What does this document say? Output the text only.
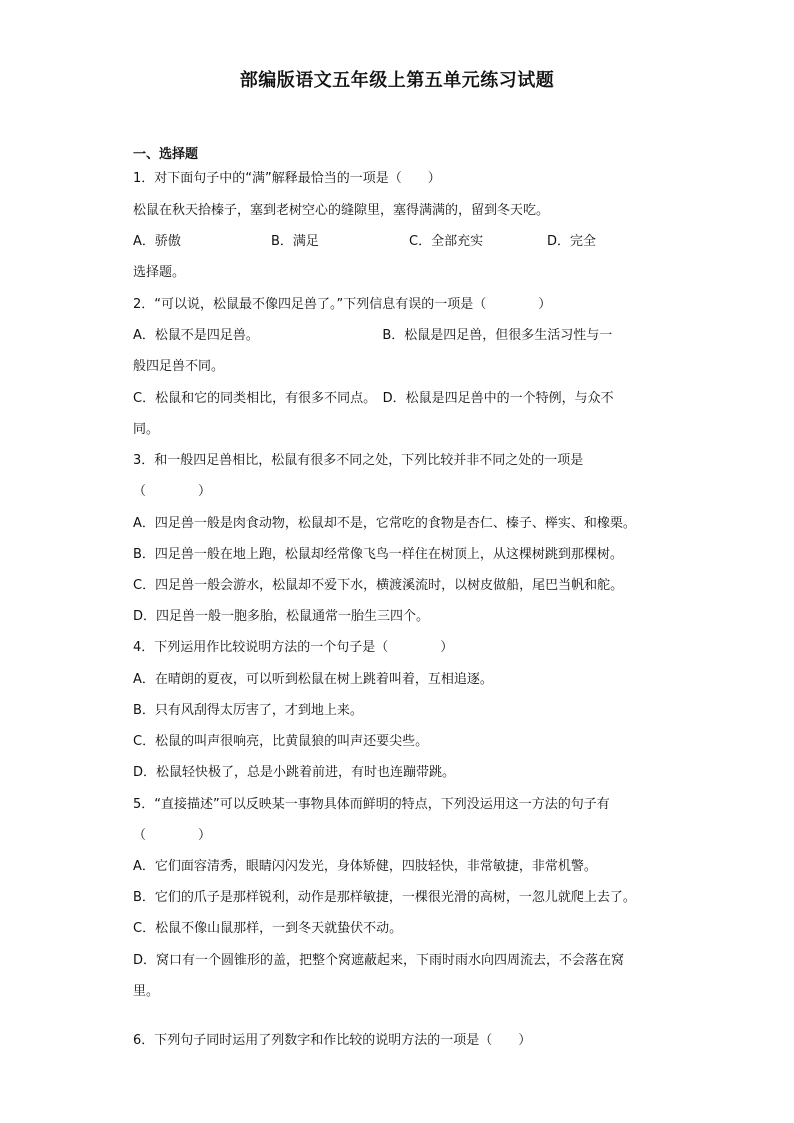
部编版语文五年级上第五单元练习试题
一、选择题
1．对下面句子中的“满”解释最恰当的一项是（　　）
松鼠在秋天拾榛子，塞到老树空心的缝隙里，塞得满满的，留到冬天吃。
A．骄傲	B．满足	C．全部充实	D．完全
选择题。
2．“可以说，松鼠最不像四足兽了。”下列信息有误的一项是（　　　　）
A．松鼠不是四足兽。　　　　　　　　　　B．松鼠是四足兽，但很多生活习性与一
般四足兽不同。
C．松鼠和它的同类相比，有很多不同点。　D．松鼠是四足兽中的一个特例，与众不
同。
3．和一般四足兽相比，松鼠有很多不同之处，下列比较并非不同之处的一项是
（　　　　）
A．四足兽一般是肉食动物，松鼠却不是，它常吃的食物是杏仁、榛子、榉实、和橡栗。
B．四足兽一般在地上跑，松鼠却经常像飞鸟一样住在树顶上，从这棵树跳到那棵树。
C．四足兽一般会游水，松鼠却不爱下水，横渡溪流时，以树皮做船，尾巴当帆和舵。
D．四足兽一般一胞多胎，松鼠通常一胎生三四个。
4．下列运用作比较说明方法的一个句子是（　　　　）
A．在晴朗的夏夜，可以听到松鼠在树上跳着叫着，互相追逐。
B．只有风刮得太厉害了，才到地上来。
C．松鼠的叫声很响亮，比黄鼠狼的叫声还要尖些。
D．松鼠轻快极了，总是小跳着前进，有时也连蹦带跳。
5．“直接描述”可以反映某一事物具体而鲜明的特点，下列没运用这一方法的句子有
（　　　　）
A．它们面容清秀，眼睛闪闪发光，身体矫健，四肢轻快，非常敏捷，非常机警。
B．它们的爪子是那样锐利，动作是那样敏捷，一棵很光滑的高树，一忽儿就爬上去了。
C．松鼠不像山鼠那样，一到冬天就蛰伏不动。
D．窝口有一个圆锥形的盖，把整个窝遮蔽起来，下雨时雨水向四周流去，不会落在窝
里。
6．下列句子同时运用了列数字和作比较的说明方法的一项是（　　）
